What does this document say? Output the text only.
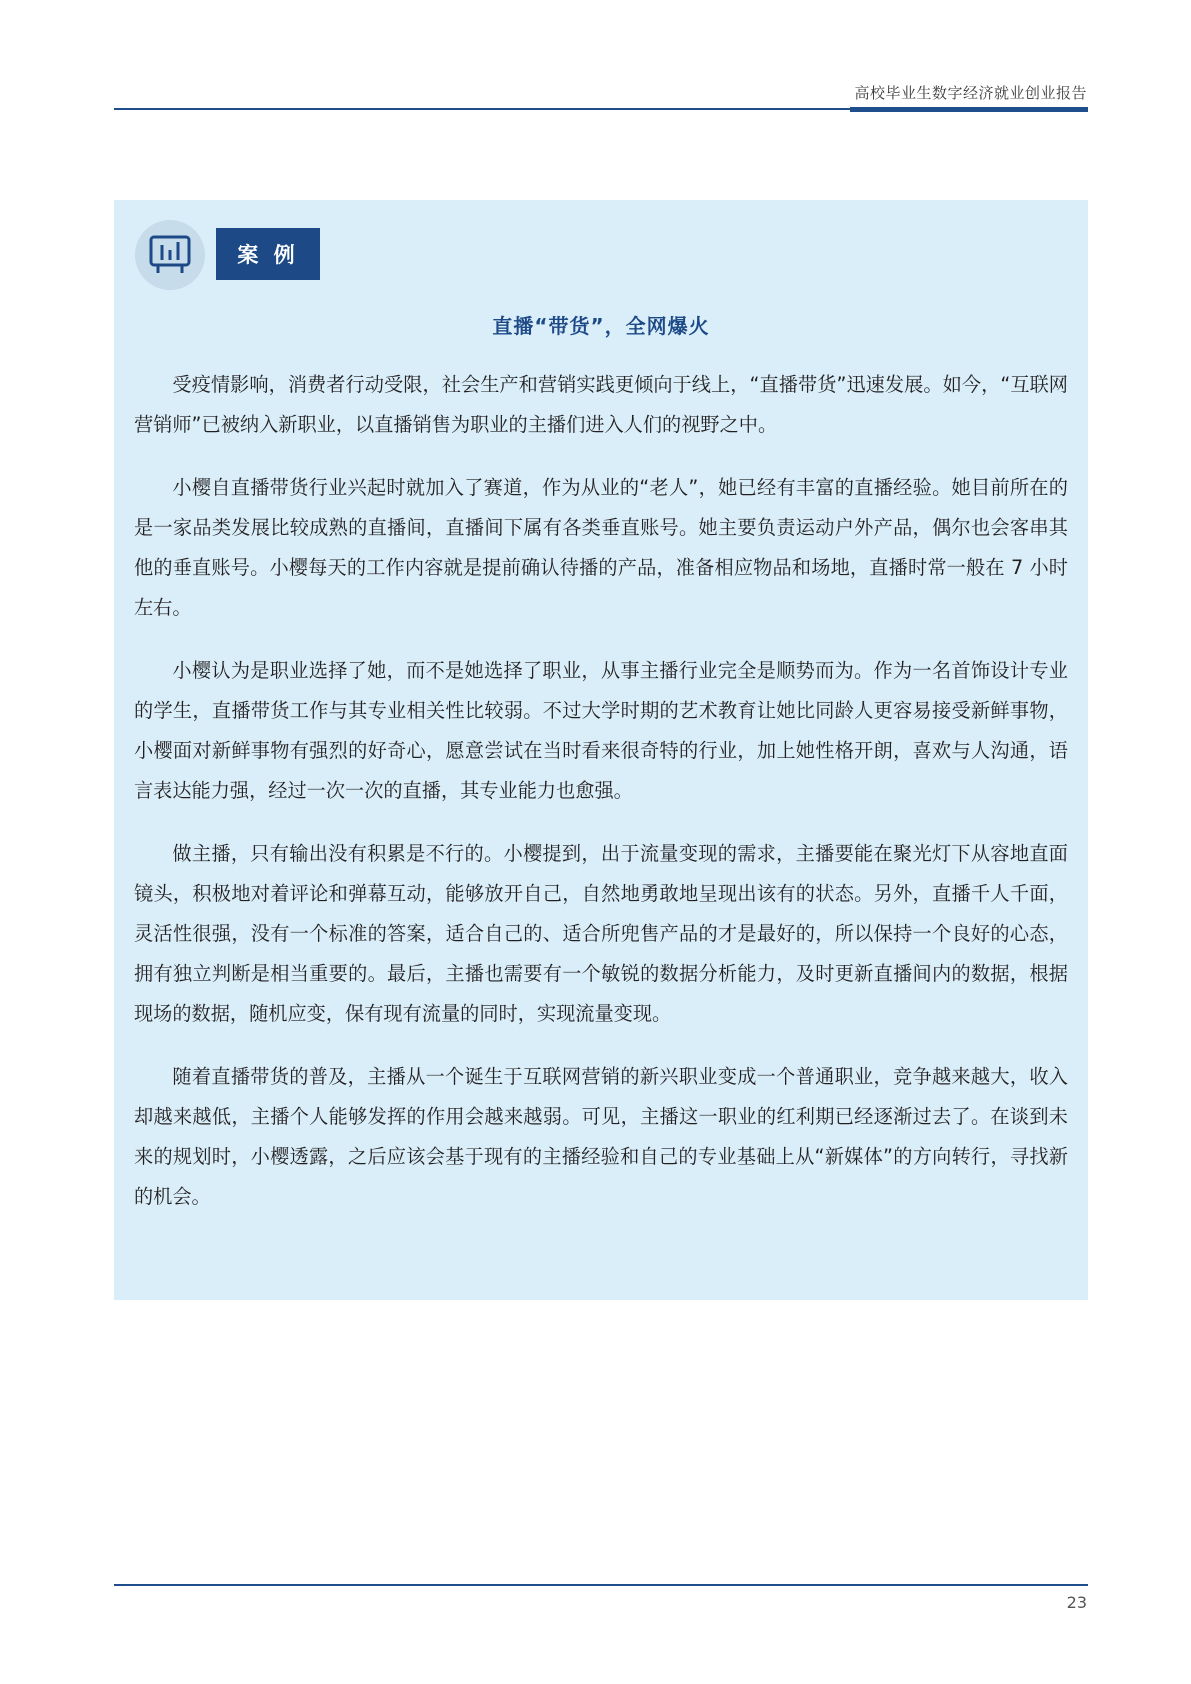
高校毕业生数字经济就业创业报告
案 例
直播“带货”，全网爆火

受疫情影响，消费者行动受限，社会生产和营销实践更倾向于线上，“直播带货”迅速发展。如今，“互联网营销师”已被纳入新职业，以直播销售为职业的主播们进入人们的视野之中。

小樱自直播带货行业兴起时就加入了赛道，作为从业的“老人”，她已经有丰富的直播经验。她目前所在的是一家品类发展比较成熟的直播间，直播间下属有各类垂直账号。她主要负责运动户外产品，偶尔也会客串其他的垂直账号。小樱每天的工作内容就是提前确认待播的产品，准备相应物品和场地，直播时常一般在 7 小时左右。

小樱认为是职业选择了她，而不是她选择了职业，从事主播行业完全是顺势而为。作为一名首饰设计专业的学生，直播带货工作与其专业相关性比较弱。不过大学时期的艺术教育让她比同龄人更容易接受新鲜事物，小樱面对新鲜事物有强烈的好奇心，愿意尝试在当时看来很奇特的行业，加上她性格开朗，喜欢与人沟通，语言表达能力强，经过一次一次的直播，其专业能力也愈强。

做主播，只有输出没有积累是不行的。小樱提到，出于流量变现的需求，主播要能在聚光灯下从容地直面镜头，积极地对着评论和弹幕互动，能够放开自己，自然地勇敢地呈现出该有的状态。另外，直播千人千面，灵活性很强，没有一个标准的答案，适合自己的、适合所兜售产品的才是最好的，所以保持一个良好的心态，拥有独立判断是相当重要的。最后，主播也需要有一个敏锐的数据分析能力，及时更新直播间内的数据，根据现场的数据，随机应变，保有现有流量的同时，实现流量变现。

随着直播带货的普及，主播从一个诞生于互联网营销的新兴职业变成一个普通职业，竞争越来越大，收入却越来越低，主播个人能够发挥的作用会越来越弱。可见，主播这一职业的红利期已经逐渐过去了。在谈到未来的规划时，小樱透露，之后应该会基于现有的主播经验和自己的专业基础上从“新媒体”的方向转行，寻找新的机会。

23
